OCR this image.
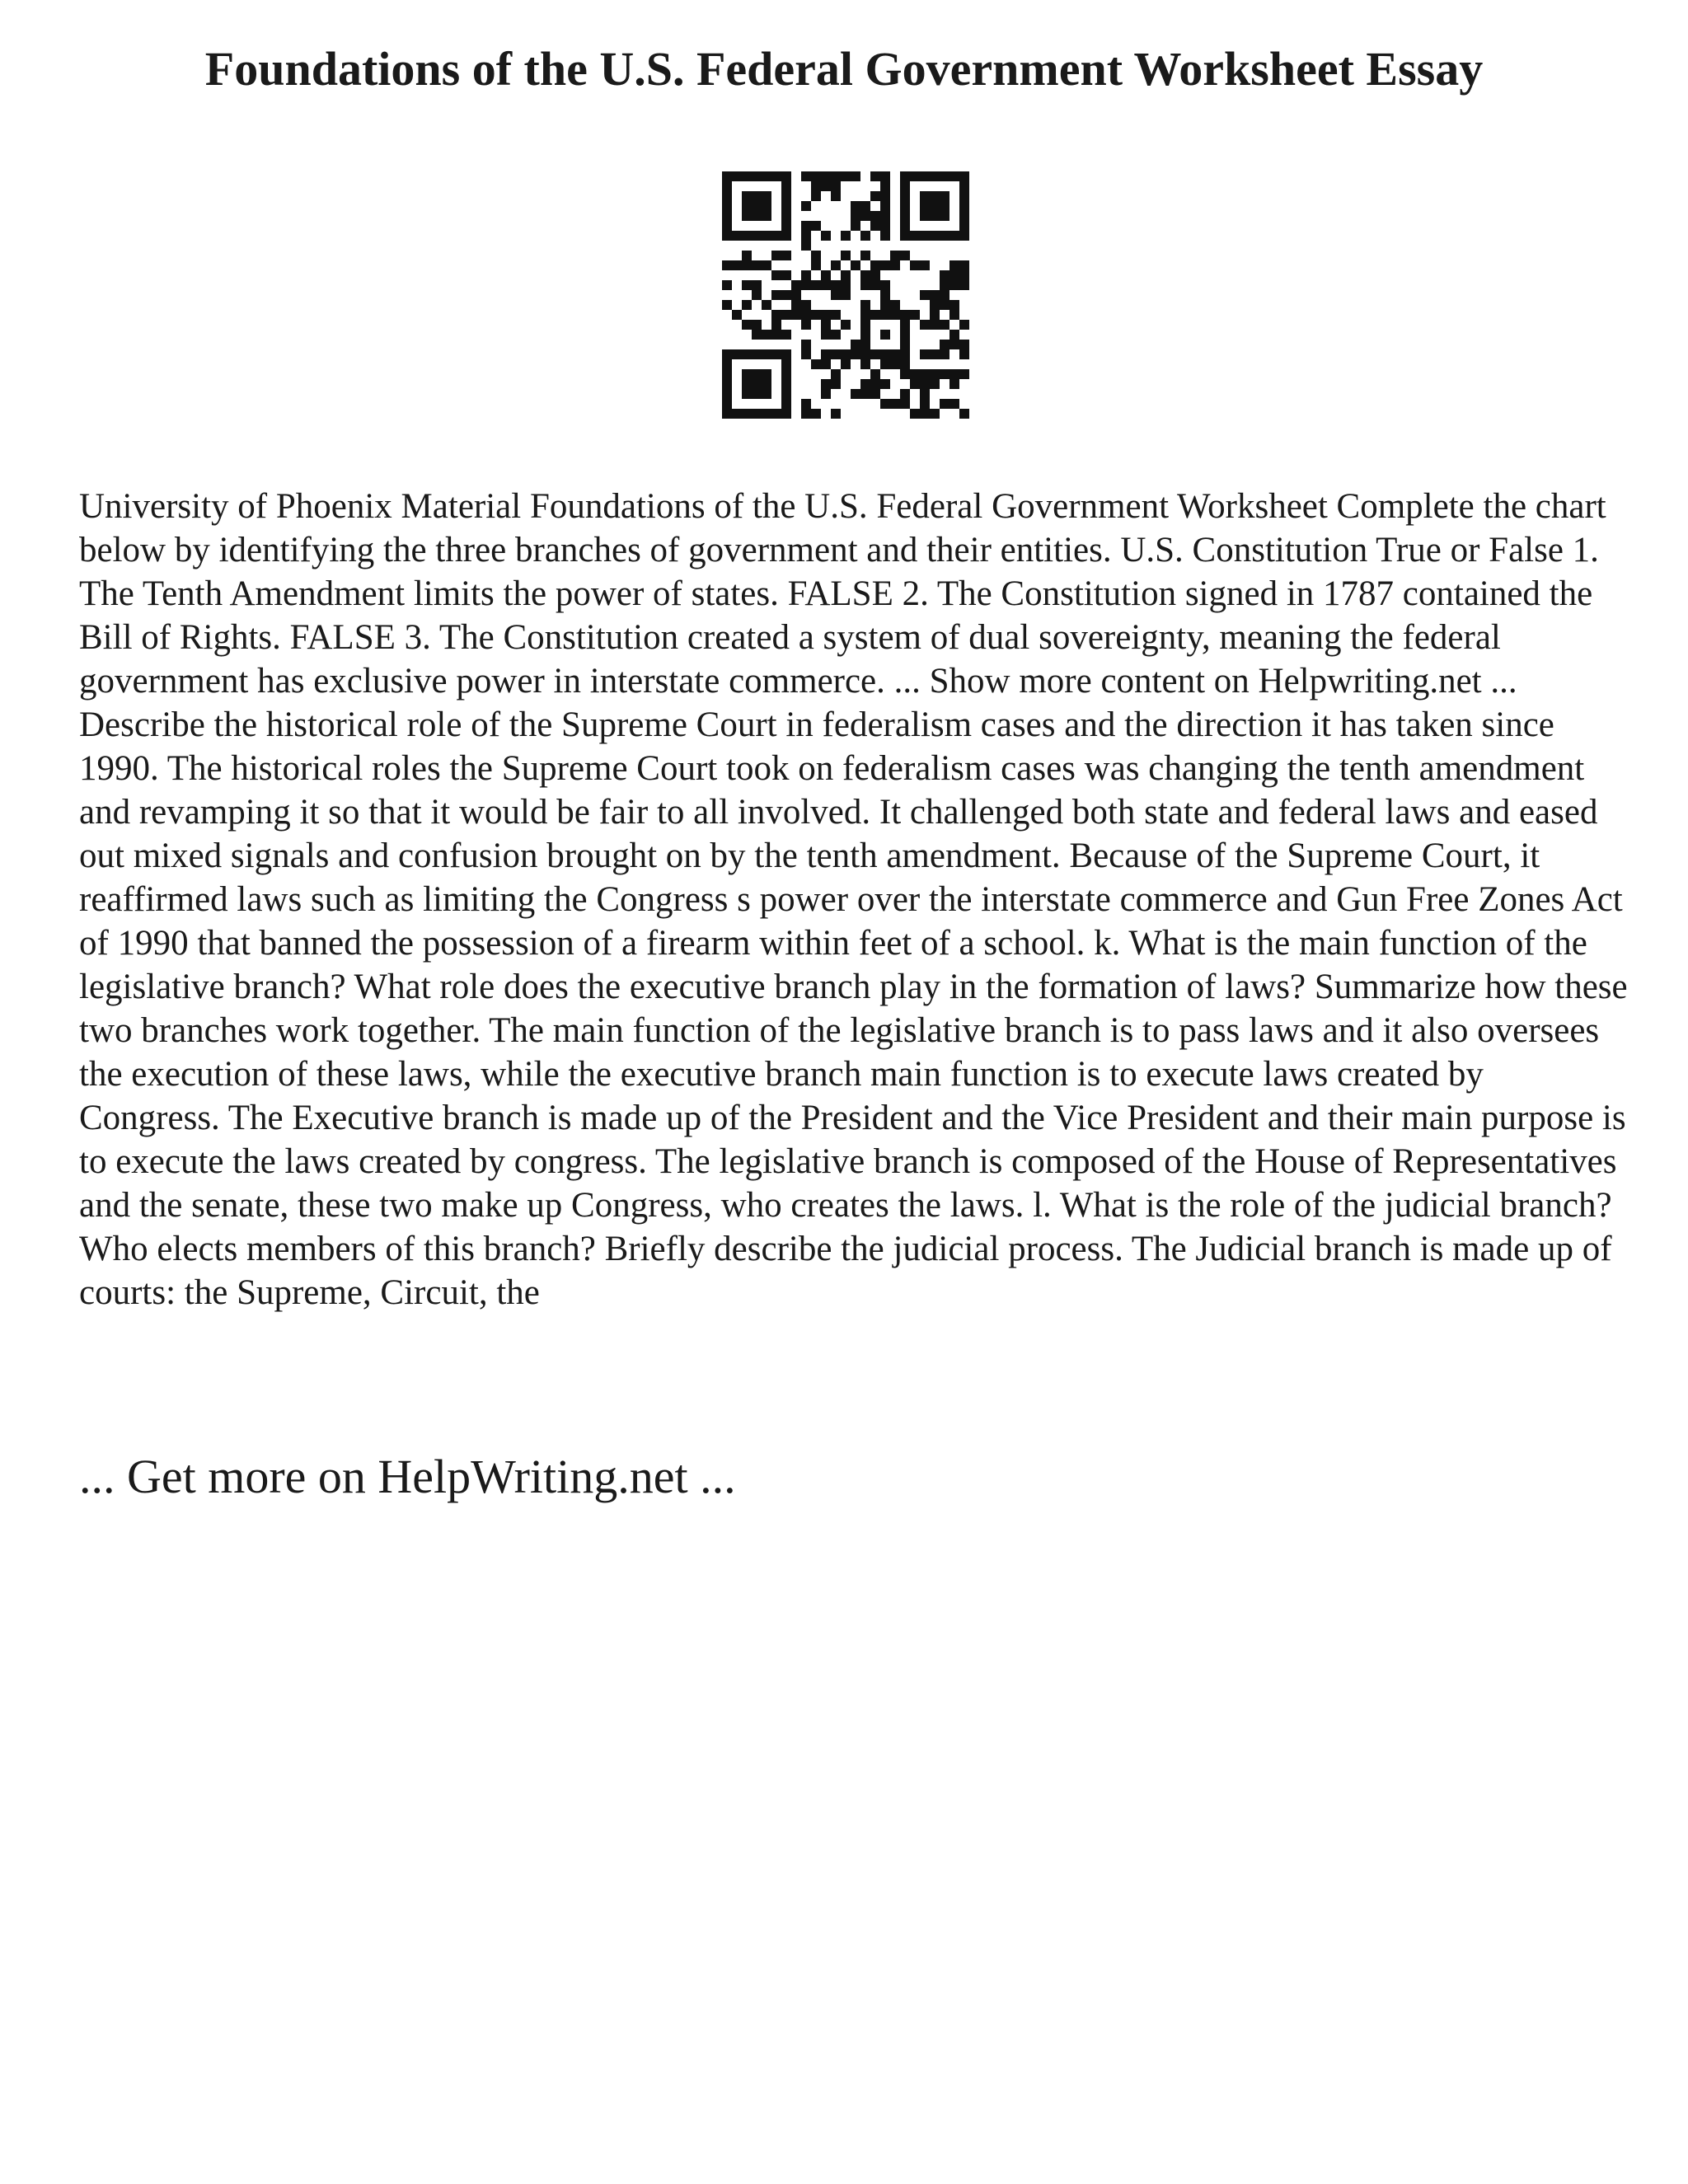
Foundations of the U.S. Federal Government Worksheet Essay

University of Phoenix Material Foundations of the U.S. Federal Government Worksheet Complete the chart below by identifying the three branches of government and their entities. U.S. Constitution True or False 1. The Tenth Amendment limits the power of states. FALSE 2. The Constitution signed in 1787 contained the Bill of Rights. FALSE 3. The Constitution created a system of dual sovereignty, meaning the federal government has exclusive power in interstate commerce. ... Show more content on Helpwriting.net ...

Describe the historical role of the Supreme Court in federalism cases and the direction it has taken since 1990. The historical roles the Supreme Court took on federalism cases was changing the tenth amendment and revamping it so that it would be fair to all involved. It challenged both state and federal laws and eased out mixed signals and confusion brought on by the tenth amendment. Because of the Supreme Court, it reaffirmed laws such as limiting the Congress s power over the interstate commerce and Gun Free Zones Act of 1990 that banned the possession of a firearm within feet of a school. k. What is the main function of the legislative branch? What role does the executive branch play in the formation of laws? Summarize how these two branches work together. The main function of the legislative branch is to pass laws and it also oversees the execution of these laws, while the executive branch main function is to execute laws created by Congress. The Executive branch is made up of the President and the Vice President and their main purpose is to execute the laws created by congress. The legislative branch is composed of the House of Representatives and the senate, these two make up Congress, who creates the laws. l. What is the role of the judicial branch? Who elects members of this branch? Briefly describe the judicial process. The Judicial branch is made up of courts: the Supreme, Circuit, the

... Get more on HelpWriting.net ...
